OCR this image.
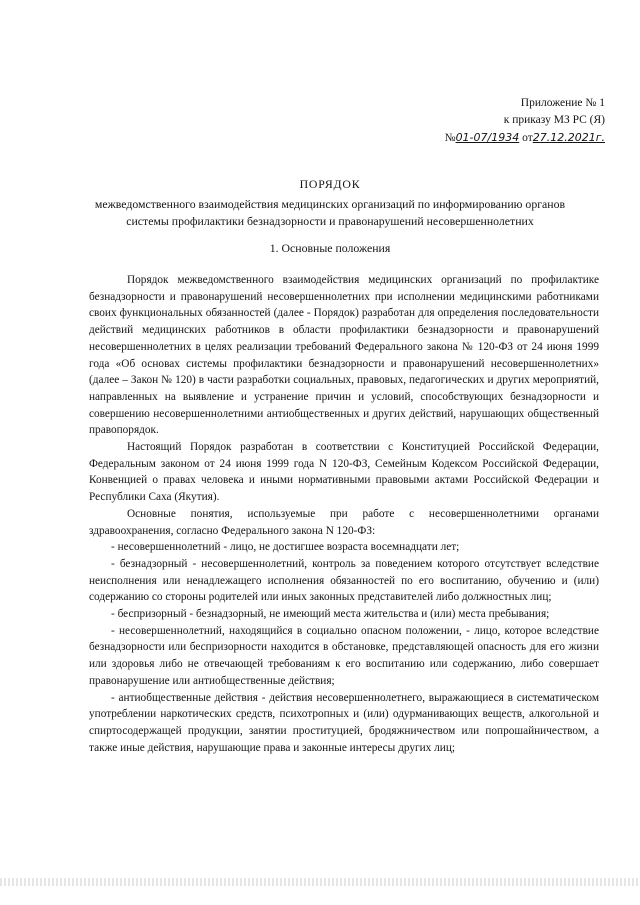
Приложение № 1
к приказу МЗ РС (Я)
№01-07/1934 от27.12.2021г.
ПОРЯДОК
межведомственного взаимодействия медицинских организаций по информированию органов системы профилактики безнадзорности и правонарушений несовершеннолетних
1. Основные положения

Порядок межведомственного взаимодействия медицинских организаций по профилактике безнадзорности и правонарушений несовершеннолетних при исполнении медицинскими работниками своих функциональных обязанностей (далее - Порядок) разработан для определения последовательности действий медицинских работников в области профилактики безнадзорности и правонарушений несовершеннолетних в целях реализации требований Федерального закона № 120-ФЗ от 24 июня 1999 года «Об основах системы профилактики безнадзорности и правонарушений несовершеннолетних» (далее – Закон № 120) в части разработки социальных, правовых, педагогических и других мероприятий, направленных на выявление и устранение причин и условий, способствующих безнадзорности и совершению несовершеннолетними антиобщественных и других действий, нарушающих общественный правопорядок.

Настоящий Порядок разработан в соответствии с Конституцией Российской Федерации, Федеральным законом от 24 июня 1999 года N 120-ФЗ, Семейным Кодексом Российской Федерации, Конвенцией о правах человека и иными нормативными правовыми актами Российской Федерации и Республики Саха (Якутия).

Основные понятия, используемые при работе с несовершеннолетними органами здравоохранения, согласно Федерального закона N 120-ФЗ:

- несовершеннолетний - лицо, не достигшее возраста восемнадцати лет;

- безнадзорный - несовершеннолетний, контроль за поведением которого отсутствует вследствие неисполнения или ненадлежащего исполнения обязанностей по его воспитанию, обучению и (или) содержанию со стороны родителей или иных законных представителей либо должностных лиц;

- беспризорный - безнадзорный, не имеющий места жительства и (или) места пребывания;

- несовершеннолетний, находящийся в социально опасном положении, - лицо, которое вследствие безнадзорности или беспризорности находится в обстановке, представляющей опасность для его жизни или здоровья либо не отвечающей требованиям к его воспитанию или содержанию, либо совершает правонарушение или антиобщественные действия;

- антиобщественные действия - действия несовершеннолетнего, выражающиеся в систематическом употреблении наркотических средств, психотропных и (или) одурманивающих веществ, алкогольной и спиртосодержащей продукции, занятии проституцией, бродяжничеством или попрошайничеством, а также иные действия, нарушающие права и законные интересы других лиц;
